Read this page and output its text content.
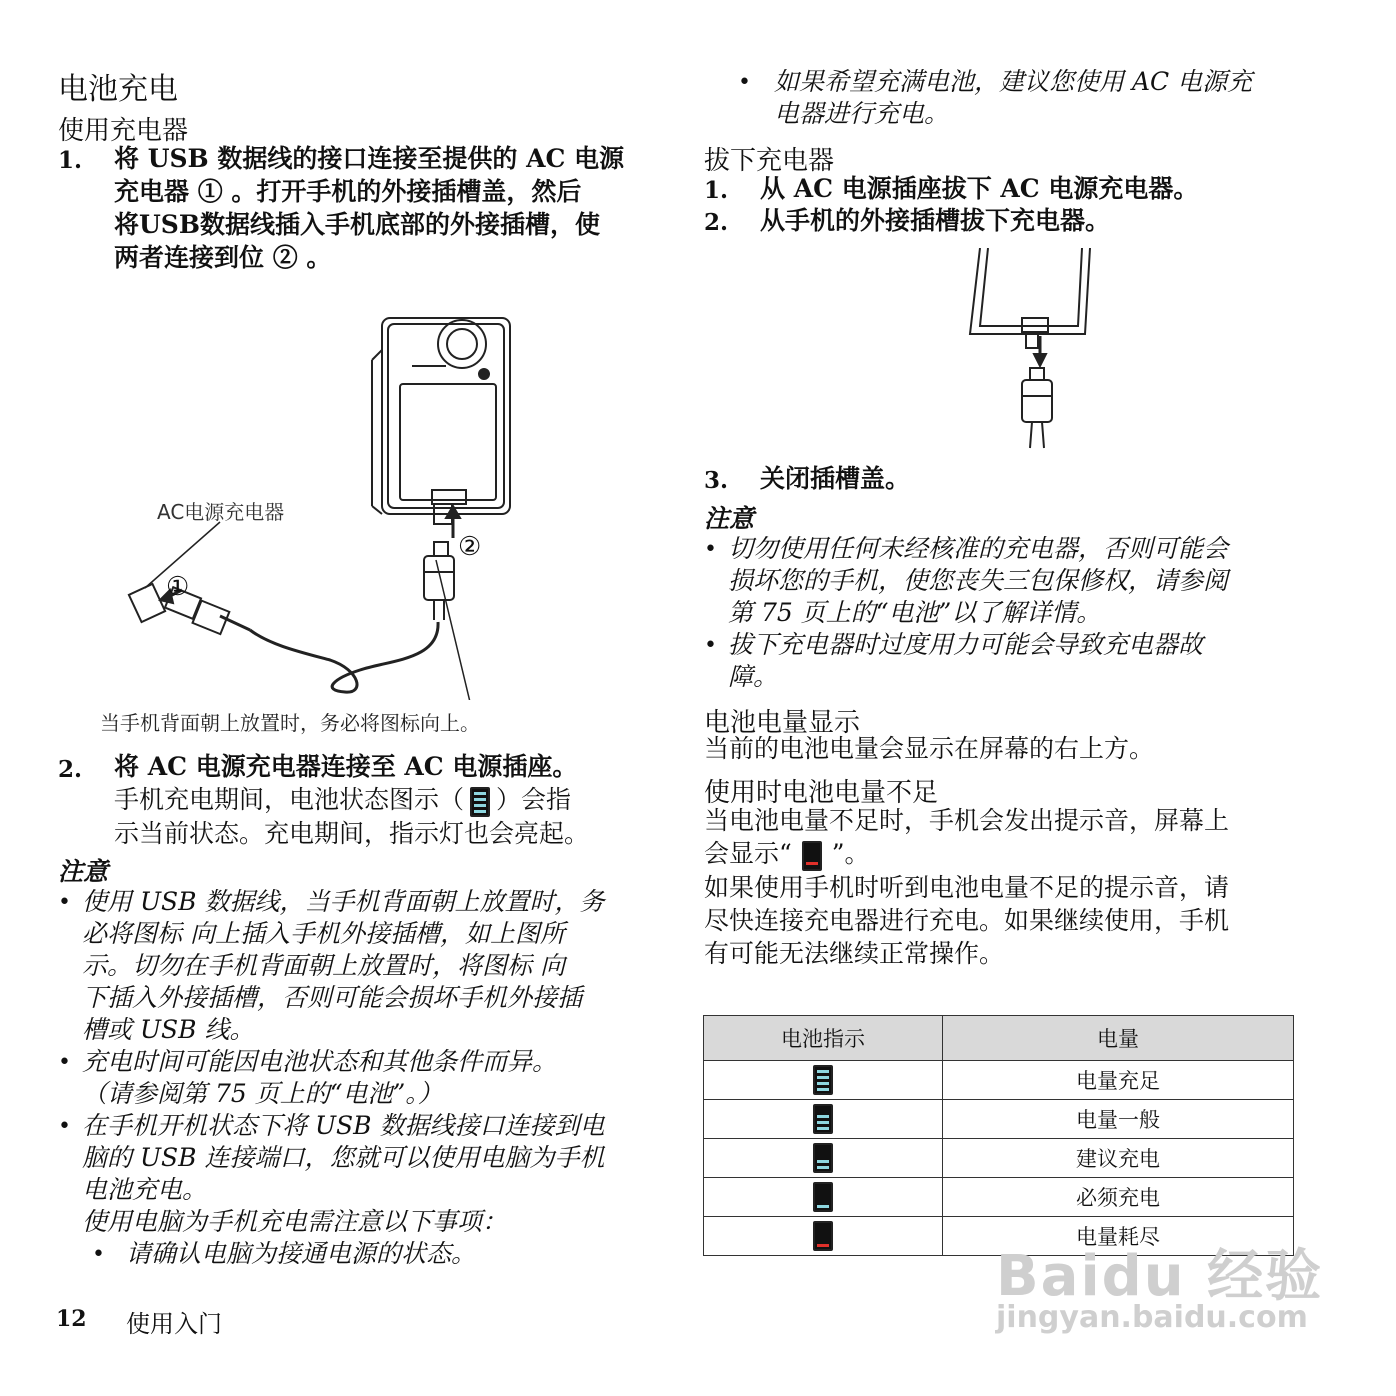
电池充电
使用充电器
1. 将 USB 数据线的接口连接至提供的 AC 电源
充电器 ① 。打开手机的外接插槽盖，然后
将USB数据线插入手机底部的外接插槽，使
两者连接到位 ② 。
AC电源充电器
①
②
当手机背面朝上放置时，务必将图标向上。
2. 将 AC 电源充电器连接至 AC 电源插座。
手机充电期间，电池状态图示（ ）会指
示当前状态。充电期间，指示灯也会亮起。
注意
• 使用 USB 数据线，当手机背面朝上放置时，务
必将图标 向上插入手机外接插槽，如上图所
示。切勿在手机背面朝上放置时，将图标 向
下插入外接插槽，否则可能会损坏手机外接插
槽或 USB 线。
• 充电时间可能因电池状态和其他条件而异。
（请参阅第 75 页上的“电池”。）
• 在手机开机状态下将 USB 数据线接口连接到电
脑的 USB 连接端口，您就可以使用电脑为手机
电池充电。
使用电脑为手机充电需注意以下事项：
• 请确认电脑为接通电源的状态。
12 使用入门
• 如果希望充满电池，建议您使用 AC 电源充
电器进行充电。
拔下充电器
1. 从 AC 电源插座拔下 AC 电源充电器。
2. 从手机的外接插槽拔下充电器。
3. 关闭插槽盖。
注意
• 切勿使用任何未经核准的充电器，否则可能会
损坏您的手机，使您丧失三包保修权，请参阅
第 75 页上的“电池”以了解详情。
• 拔下充电器时过度用力可能会导致充电器故
障。
电池电量显示
当前的电池电量会显示在屏幕的右上方。
使用时电池电量不足
当电池电量不足时，手机会发出提示音，屏幕上
会显示“ ”。
如果使用手机时听到电池电量不足的提示音，请
尽快连接充电器进行充电。如果继续使用，手机
有可能无法继续正常操作。
电池指示	电量

	电量充足

	电量一般

	建议充电

	必须充电

	电量耗尽
Baidu 经验
jingyan.baidu.com
